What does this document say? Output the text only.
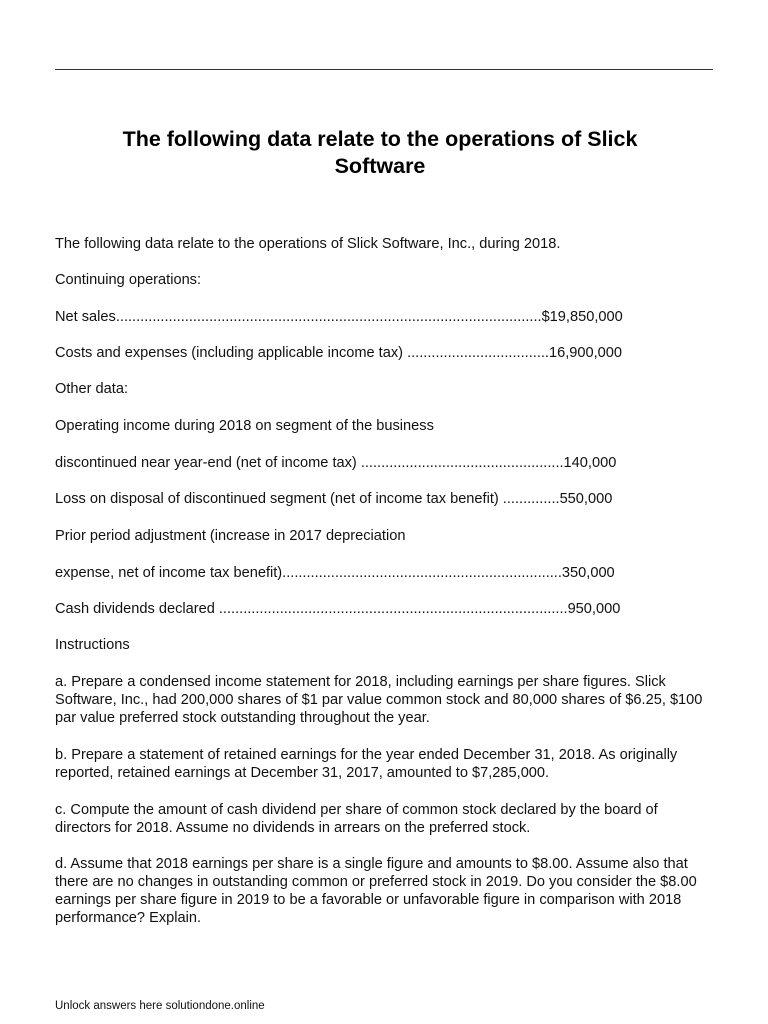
The following data relate to the operations of Slick Software

The following data relate to the operations of Slick Software, Inc., during 2018.

Continuing operations:

Net sales.........................................................................................................$19,850,000

Costs and expenses (including applicable income tax) ...................................16,900,000

Other data:

Operating income during 2018 on segment of the business

discontinued near year-end (net of income tax) ..................................................140,000

Loss on disposal of discontinued segment (net of income tax benefit) ..............550,000

Prior period adjustment (increase in 2017 depreciation

expense, net of income tax benefit).....................................................................350,000

Cash dividends declared ......................................................................................950,000

Instructions

a. Prepare a condensed income statement for 2018, including earnings per share figures. Slick Software, Inc., had 200,000 shares of $1 par value common stock and 80,000 shares of $6.25, $100 par value preferred stock outstanding throughout the year.

b. Prepare a statement of retained earnings for the year ended December 31, 2018. As originally reported, retained earnings at December 31, 2017, amounted to $7,285,000.

c. Compute the amount of cash dividend per share of common stock declared by the board of directors for 2018. Assume no dividends in arrears on the preferred stock.

d. Assume that 2018 earnings per share is a single figure and amounts to $8.00. Assume also that there are no changes in outstanding common or preferred stock in 2019. Do you consider the $8.00 earnings per share figure in 2019 to be a favorable or unfavorable figure in comparison with 2018 performance? Explain.

Unlock answers here solutiondone.online
